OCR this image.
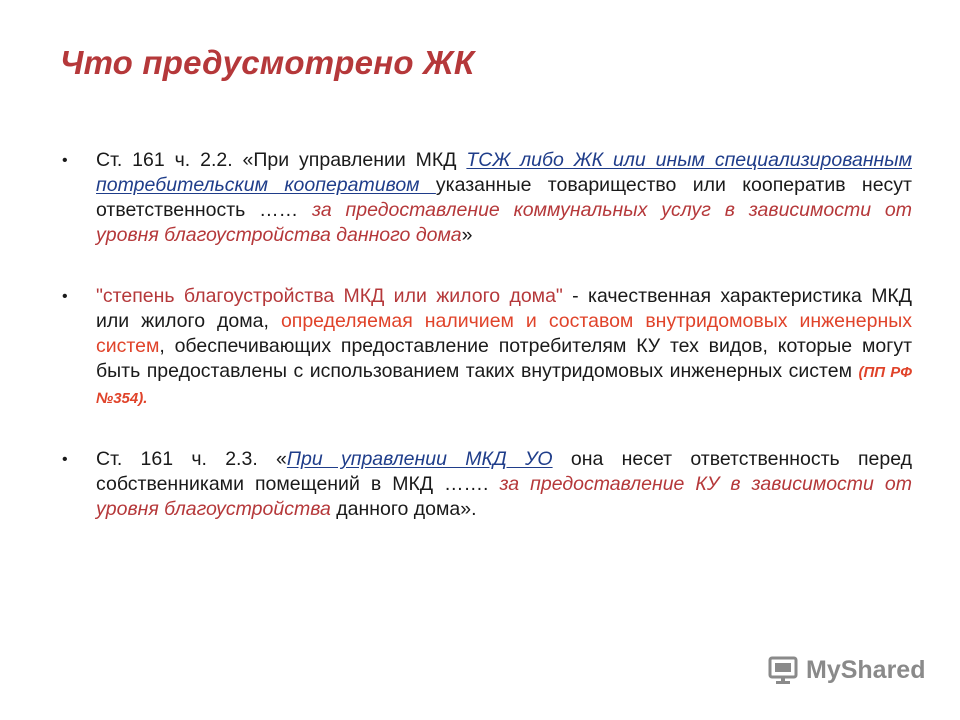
Что предусмотрено ЖК
• Ст. 161 ч. 2.2. «При управлении МКД ТСЖ либо ЖК или иным специализированным потребительским кооперативом указанные товарищество или кооператив несут ответственность …… за предоставление коммунальных услуг в зависимости от уровня благоустройства данного дома»
• "степень благоустройства МКД или жилого дома" - качественная характеристика МКД или жилого дома, определяемая наличием и составом внутридомовых инженерных систем, обеспечивающих предоставление потребителям КУ тех видов, которые могут быть предоставлены с использованием таких внутридомовых инженерных систем (ПП РФ №354).
• Ст. 161 ч. 2.3. «При управлении МКД УО она несет ответственность перед собственниками помещений в МКД ……. за предоставление КУ в зависимости от уровня благоустройства данного дома».
MyShared
